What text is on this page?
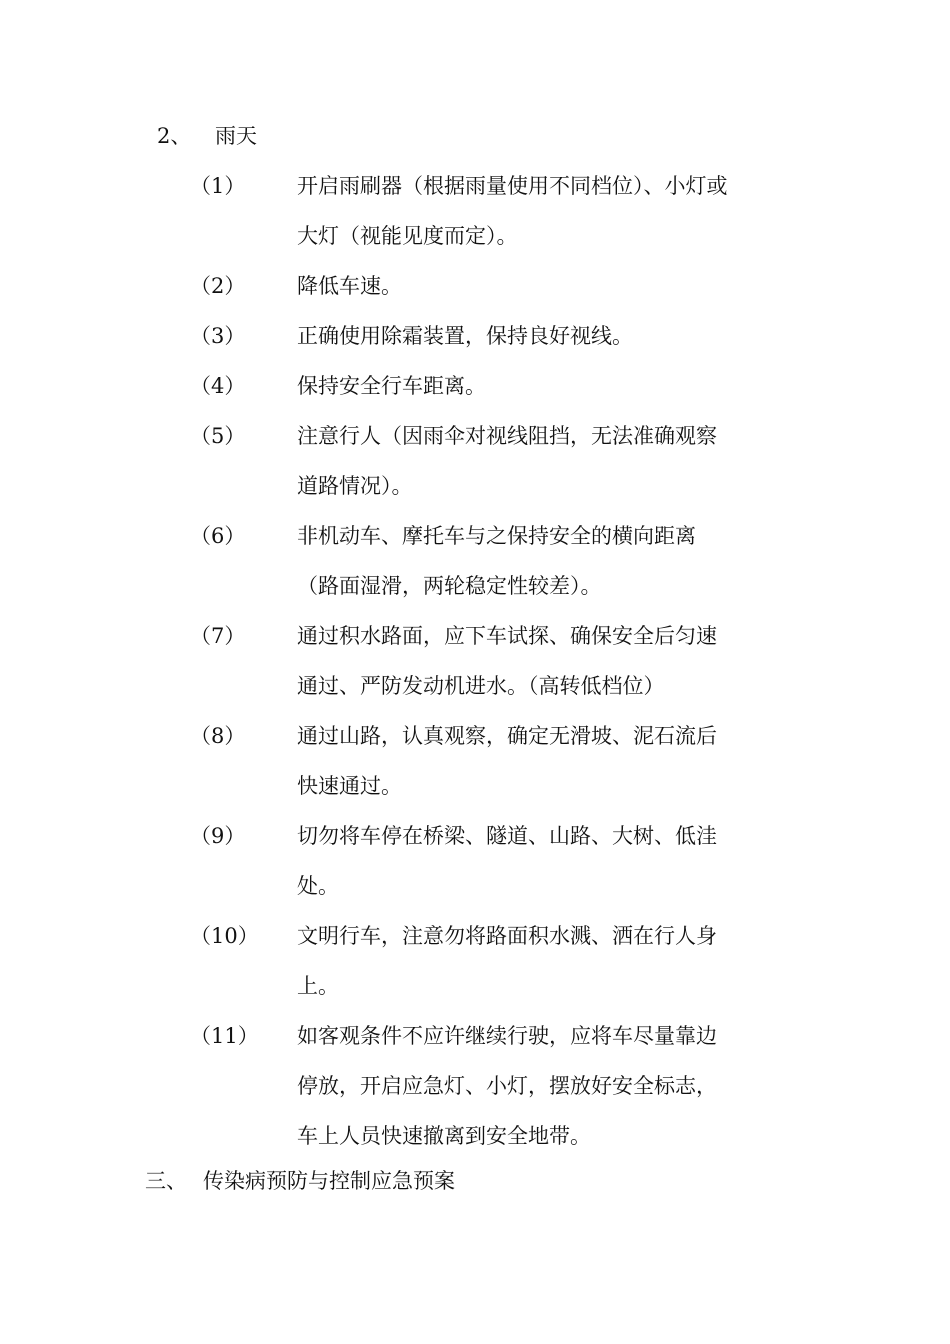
2、 雨天
（1） 开启雨刷器（根据雨量使用不同档位）、小灯或大灯（视能见度而定）。
（2） 降低车速。
（3） 正确使用除霜装置，保持良好视线。
（4） 保持安全行车距离。
（5） 注意行人（因雨伞对视线阻挡，无法准确观察道路情况）。
（6） 非机动车、摩托车与之保持安全的横向距离（路面湿滑，两轮稳定性较差）。
（7） 通过积水路面，应下车试探、确保安全后匀速通过、严防发动机进水。（高转低档位）
（8） 通过山路，认真观察，确定无滑坡、泥石流后快速通过。
（9） 切勿将车停在桥梁、隧道、山路、大树、低洼处。
（10） 文明行车，注意勿将路面积水溅、洒在行人身上。
（11） 如客观条件不应许继续行驶，应将车尽量靠边停放，开启应急灯、小灯，摆放好安全标志，车上人员快速撤离到安全地带。
三、 传染病预防与控制应急预案
